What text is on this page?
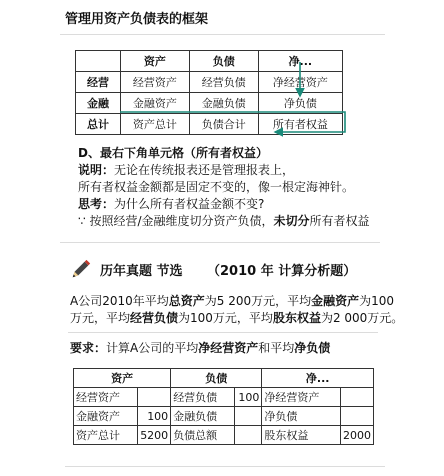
管理用资产负债表的框架
	资产	负债	净...
经营	经营资产	经营负债	净经营资产
金融	金融资产	金融负债	净负债
总计	资产总计	负债合计	所有者权益
D、最右下角单元格（所有者权益）
说明：无论在传统报表还是管理报表上，
所有者权益金额都是固定不变的，像一根定海神针。
思考：为什么所有者权益金额不变?
∵ 按照经营/金融维度切分资产负债，未切分所有者权益
历年真题 节选 （2010 年 计算分析题）
A公司2010年平均总资产为5 200万元，平均金融资产为100
万元，平均经营负债为100万元，平均股东权益为2 000万元。
要求：计算A公司的平均净经营资产和平均净负债
资产		负债		净...	
经营资产		经营负债	100	净经营资产	
金融资产	100	金融负债		净负债	
资产总计	5200	负债总额		股东权益	2000
